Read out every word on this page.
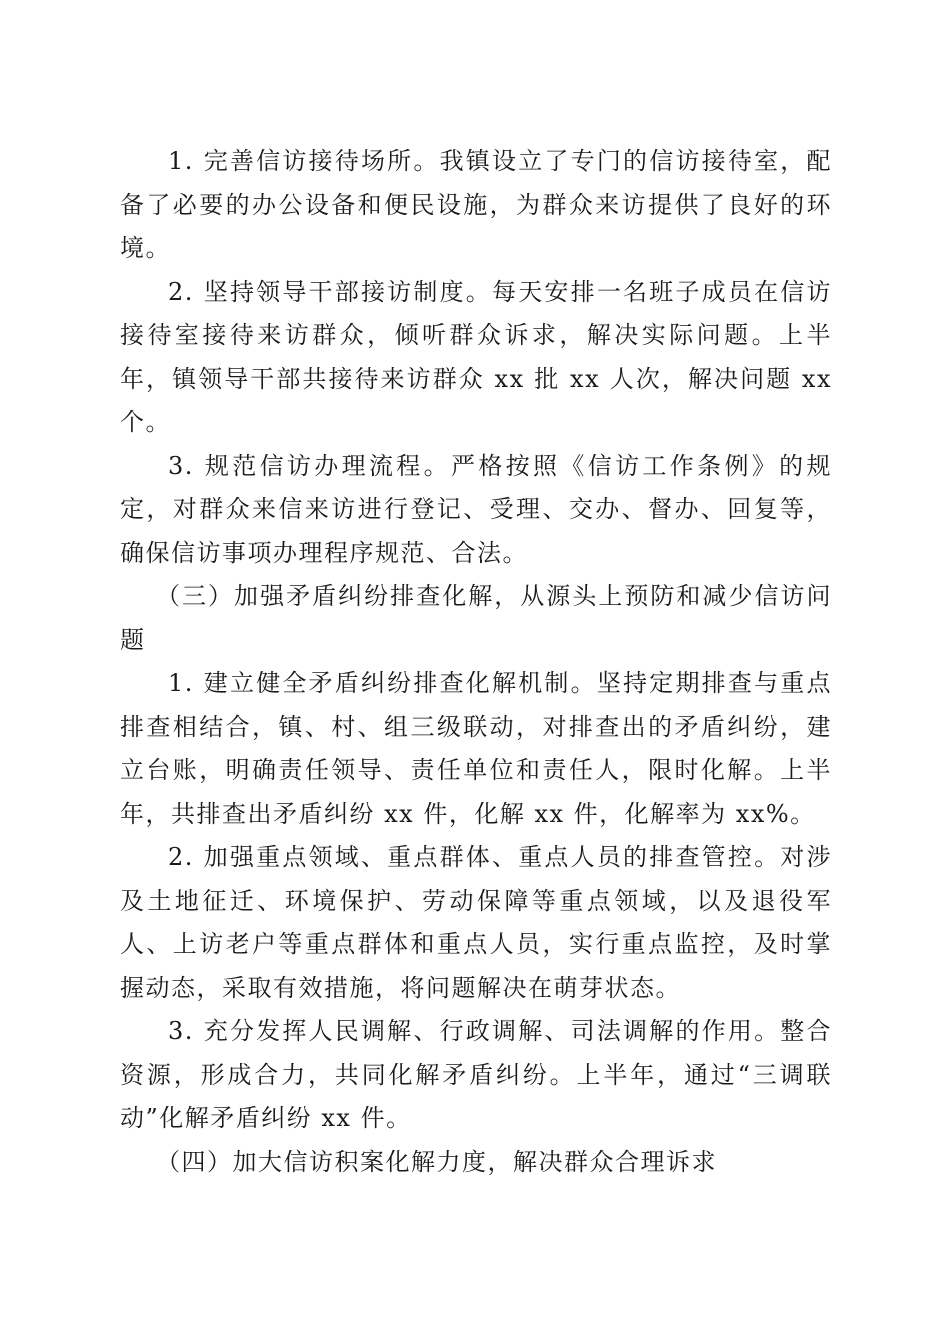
1. 完善信访接待场所。我镇设立了专门的信访接待室，配备了必要的办公设备和便民设施，为群众来访提供了良好的环境。

2. 坚持领导干部接访制度。每天安排一名班子成员在信访接待室接待来访群众，倾听群众诉求，解决实际问题。上半年，镇领导干部共接待来访群众 xx 批 xx 人次，解决问题 xx 个。

3. 规范信访办理流程。严格按照《信访工作条例》的规定，对群众来信来访进行登记、受理、交办、督办、回复等，确保信访事项办理程序规范、合法。

（三）加强矛盾纠纷排查化解，从源头上预防和减少信访问题

1. 建立健全矛盾纠纷排查化解机制。坚持定期排查与重点排查相结合，镇、村、组三级联动，对排查出的矛盾纠纷，建立台账，明确责任领导、责任单位和责任人，限时化解。上半年，共排查出矛盾纠纷 xx 件，化解 xx 件，化解率为 xx%。

2. 加强重点领域、重点群体、重点人员的排查管控。对涉及土地征迁、环境保护、劳动保障等重点领域，以及退役军人、上访老户等重点群体和重点人员，实行重点监控，及时掌握动态，采取有效措施，将问题解决在萌芽状态。

3. 充分发挥人民调解、行政调解、司法调解的作用。整合资源，形成合力，共同化解矛盾纠纷。上半年，通过“三调联动”化解矛盾纠纷 xx 件。

（四）加大信访积案化解力度，解决群众合理诉求
